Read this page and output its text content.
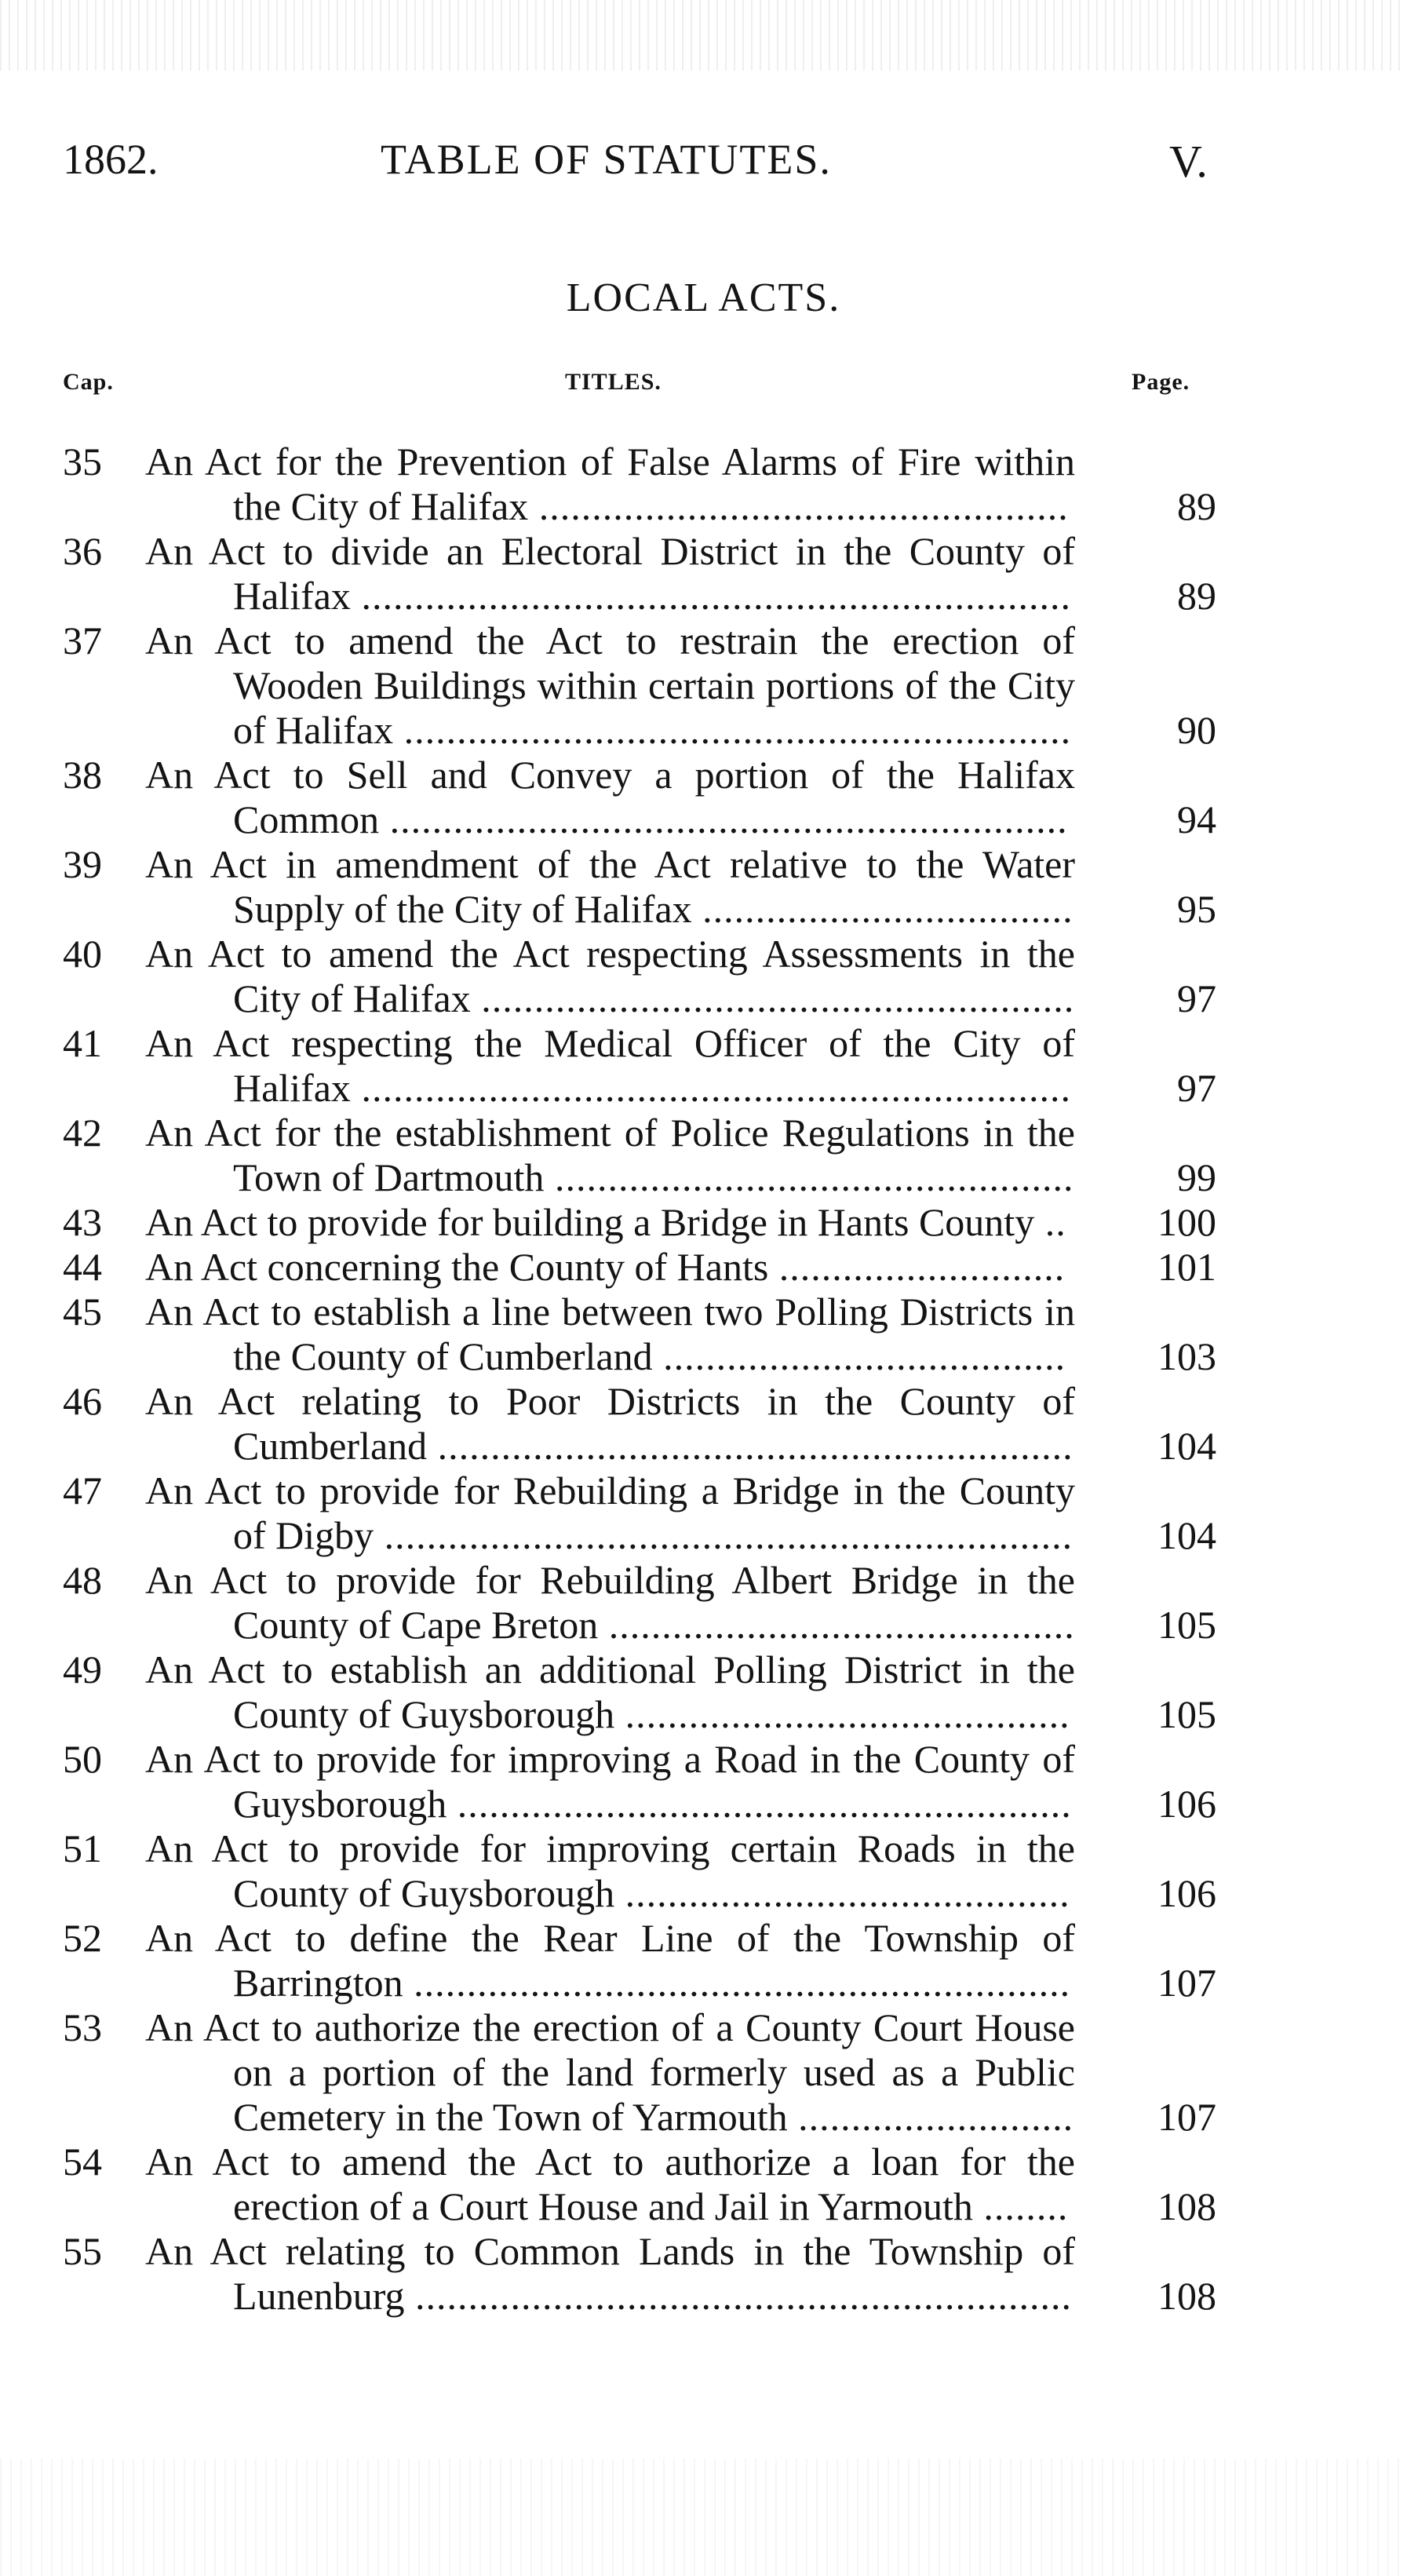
1862.	TABLE OF STATUTES.	V.
LOCAL ACTS.
Cap.	TITLES.	Page.
35	An Act for the Prevention of False Alarms of Fire within the City of Halifax ..................................................	89
36	An Act to divide an Electoral District in the County of Halifax ...................................................................	89
37	An Act to amend the Act to restrain the erection of Wooden Buildings within certain portions of the City of Halifax ...............................................................	90
38	An Act to Sell and Convey a portion of the Halifax Common ................................................................	94
39	An Act in amendment of the Act relative to the Water Supply of the City of Halifax ...................................	95
40	An Act to amend the Act respecting Assessments in the City of Halifax ........................................................	97
41	An Act respecting the Medical Officer of the City of Halifax ...................................................................	97
42	An Act for the establishment of Police Regulations in the Town of Dartmouth .................................................	99
43	An Act to provide for building a Bridge in Hants County ..	100
44	An Act concerning the County of Hants ...........................	101
45	An Act to establish a line between two Polling Districts in the County of Cumberland ......................................	103
46	An Act relating to Poor Districts in the County of Cumberland ............................................................	104
47	An Act to provide for Rebuilding a Bridge in the County of Digby .................................................................	104
48	An Act to provide for Rebuilding Albert Bridge in the County of Cape Breton ............................................	105
49	An Act to establish an additional Polling District in the County of Guysborough ..........................................	105
50	An Act to provide for improving a Road in the County of Guysborough ..........................................................	106
51	An Act to provide for improving certain Roads in the County of Guysborough ..........................................	106
52	An Act to define the Rear Line of the Township of Barrington ..............................................................	107
53	An Act to authorize the erection of a County Court House on a portion of the land formerly used as a Public Cemetery in the Town of Yarmouth ..........................	107
54	An Act to amend the Act to authorize a loan for the erection of a Court House and Jail in Yarmouth ........	108
55	An Act relating to Common Lands in the Township of Lunenburg ..............................................................	108
